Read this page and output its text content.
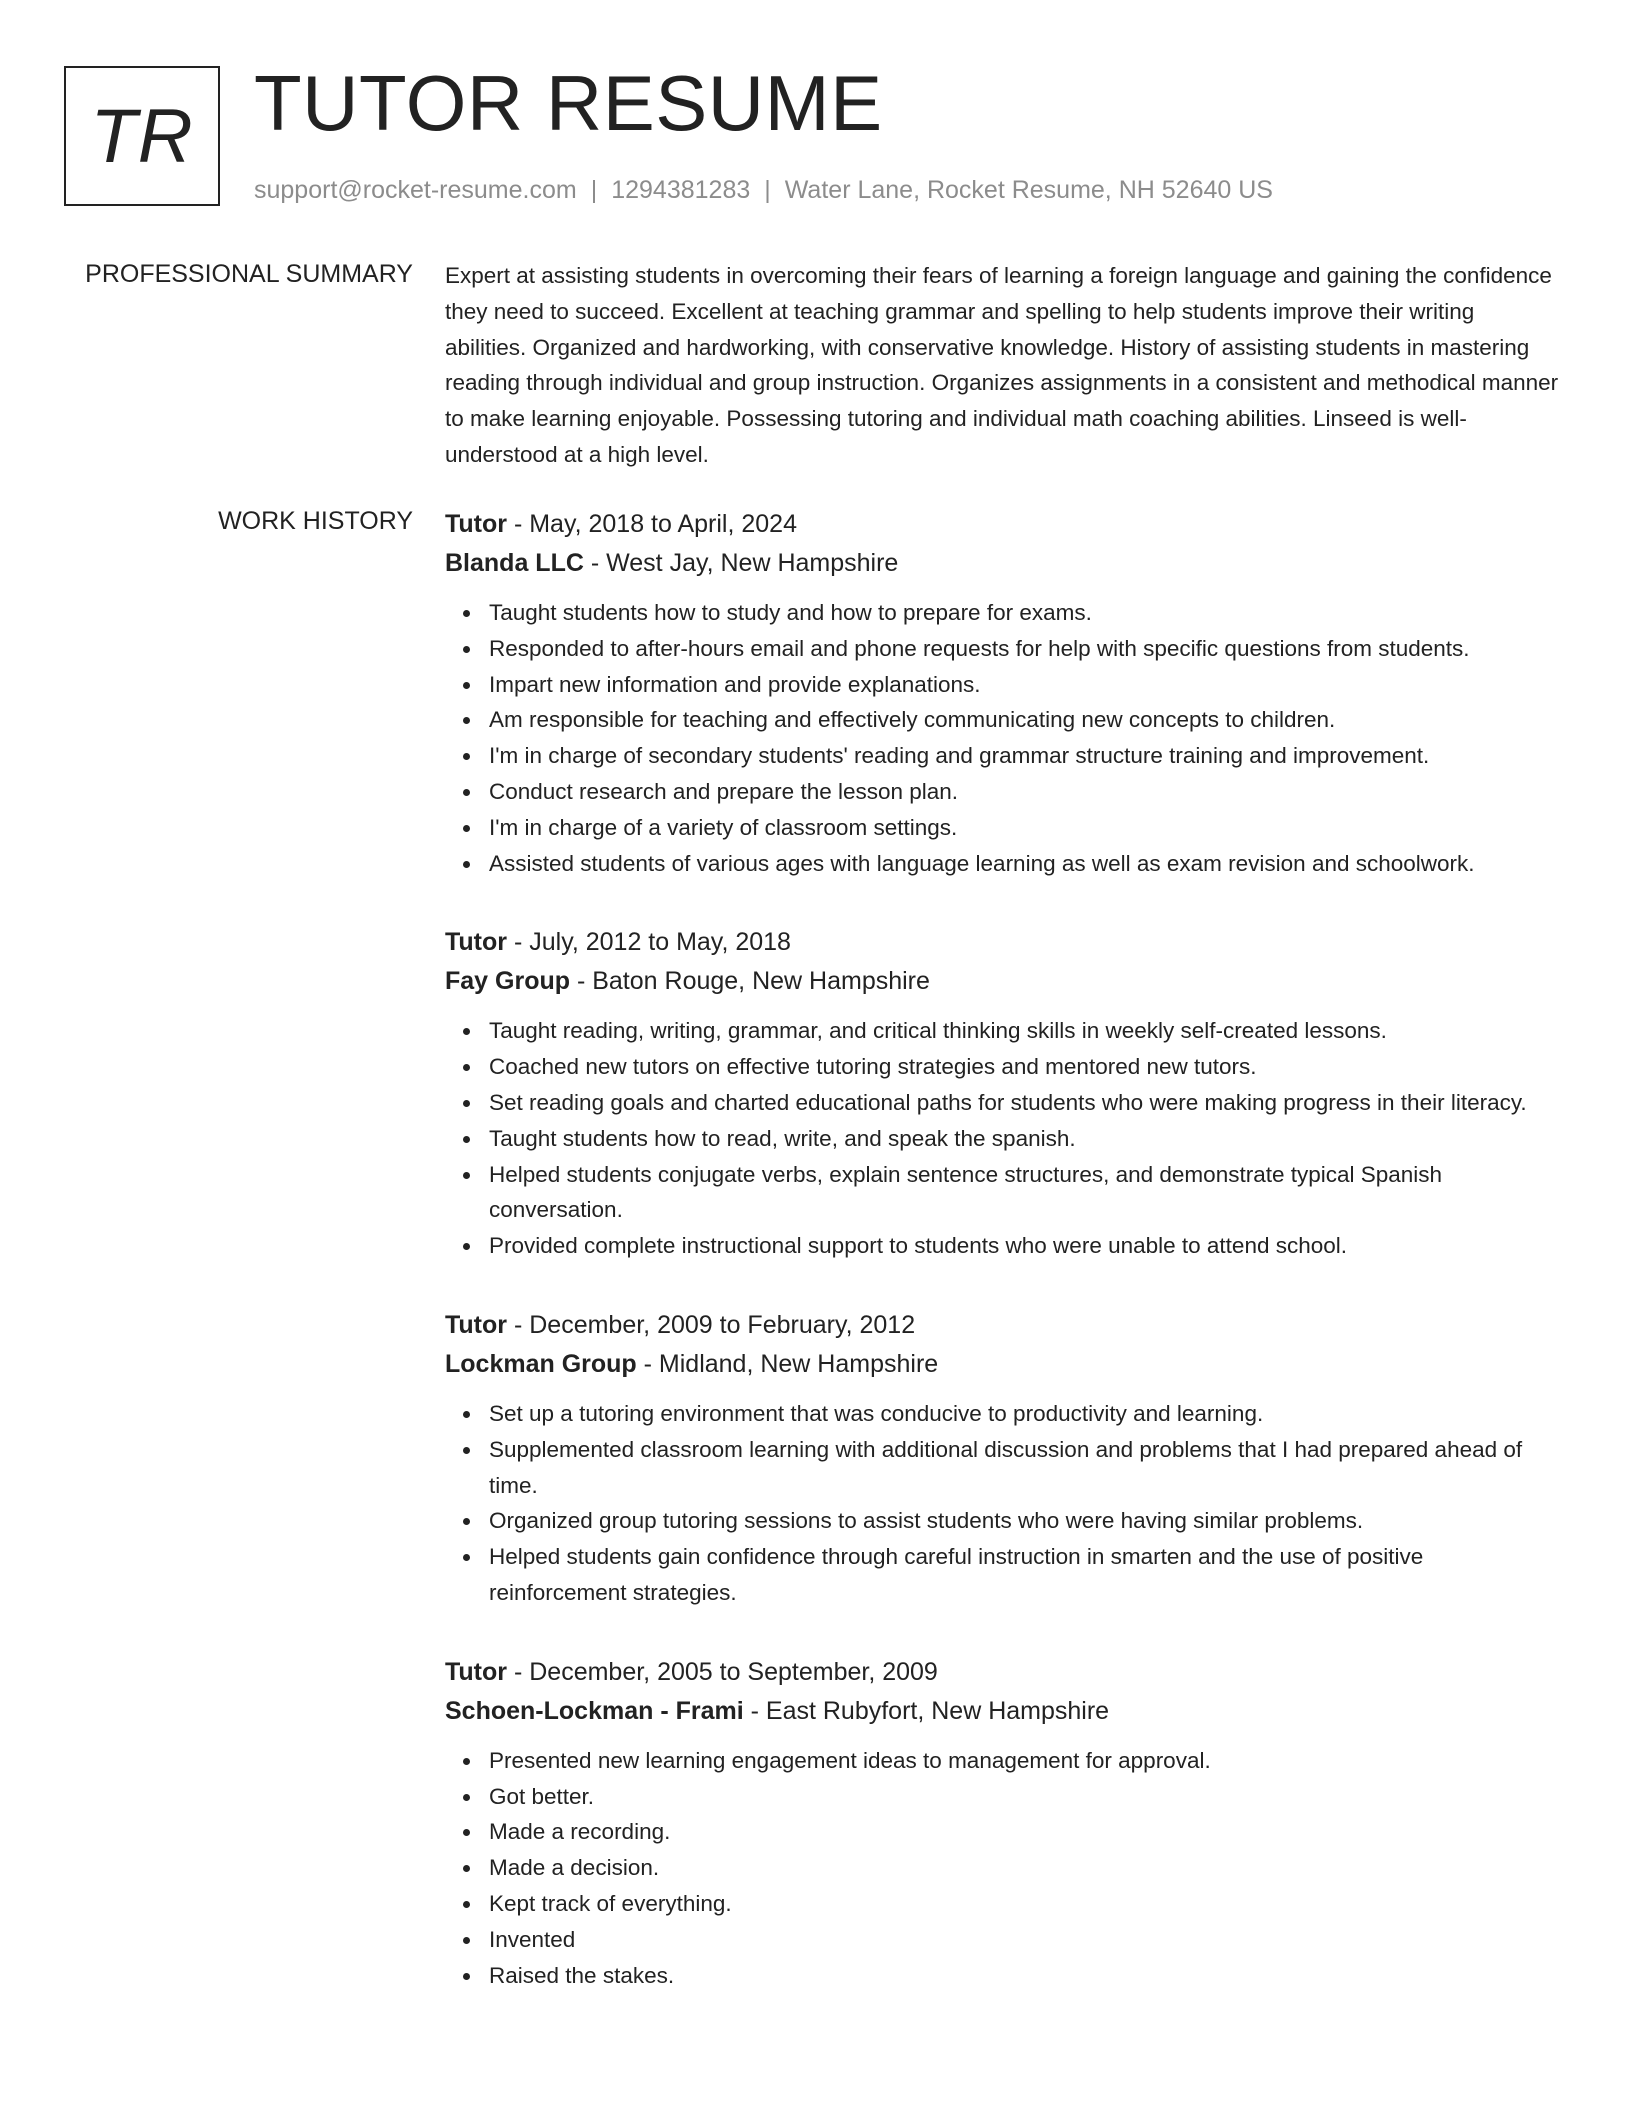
TR TUTOR RESUME
support@rocket-resume.com | 1294381283 | Water Lane, Rocket Resume, NH 52640 US
PROFESSIONAL SUMMARY Expert at assisting students in overcoming their fears of learning a foreign language and gaining the confidence they need to succeed. Excellent at teaching grammar and spelling to help students improve their writing abilities. Organized and hardworking, with conservative knowledge. History of assisting students in mastering reading through individual and group instruction. Organizes assignments in a consistent and methodical manner to make learning enjoyable. Possessing tutoring and individual math coaching abilities. Linseed is well-understood at a high level.

WORK HISTORY Tutor - May, 2018 to April, 2024
Blanda LLC - West Jay, New Hampshire
Taught students how to study and how to prepare for exams.
Responded to after-hours email and phone requests for help with specific questions from students.
Impart new information and provide explanations.
Am responsible for teaching and effectively communicating new concepts to children.
I'm in charge of secondary students' reading and grammar structure training and improvement.
Conduct research and prepare the lesson plan.
I'm in charge of a variety of classroom settings.
Assisted students of various ages with language learning as well as exam revision and schoolwork.
Tutor - July, 2012 to May, 2018
Fay Group - Baton Rouge, New Hampshire
Taught reading, writing, grammar, and critical thinking skills in weekly self-created lessons.
Coached new tutors on effective tutoring strategies and mentored new tutors.
Set reading goals and charted educational paths for students who were making progress in their literacy.
Taught students how to read, write, and speak the spanish.
Helped students conjugate verbs, explain sentence structures, and demonstrate typical Spanish conversation.
Provided complete instructional support to students who were unable to attend school.
Tutor - December, 2009 to February, 2012
Lockman Group - Midland, New Hampshire
Set up a tutoring environment that was conducive to productivity and learning.
Supplemented classroom learning with additional discussion and problems that I had prepared ahead of time.
Organized group tutoring sessions to assist students who were having similar problems.
Helped students gain confidence through careful instruction in smarten and the use of positive reinforcement strategies.
Tutor - December, 2005 to September, 2009
Schoen-Lockman - Frami - East Rubyfort, New Hampshire
Presented new learning engagement ideas to management for approval.
Got better.
Made a recording.
Made a decision.
Kept track of everything.
Invented
Raised the stakes.
